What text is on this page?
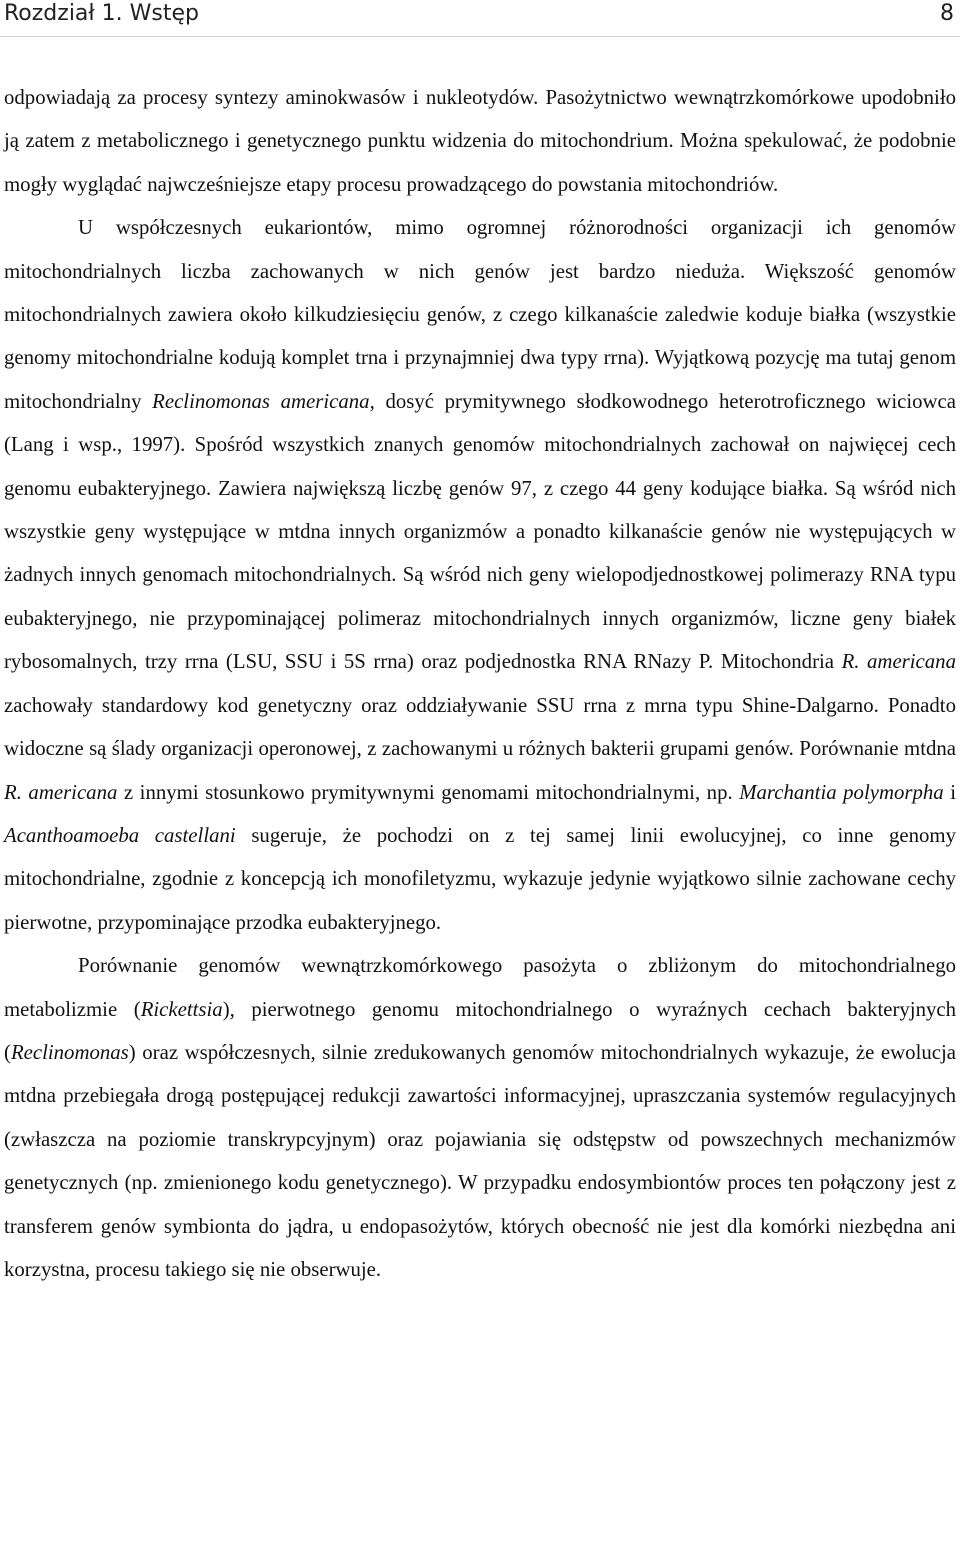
Rozdział 1. Wstęp	8

odpowiadają za procesy syntezy aminokwasów i nukleotydów. Pasożytnictwo wewnątrzkomórkowe upodobniło ją zatem z metabolicznego i genetycznego punktu widzenia do mitochondrium. Można spekulować, że podobnie mogły wyglądać najwcześniejsze etapy procesu prowadzącego do powstania mitochondriów.

U współczesnych eukariontów, mimo ogromnej różnorodności organizacji ich genomów mitochondrialnych liczba zachowanych w nich genów jest bardzo nieduża. Większość genomów mitochondrialnych zawiera około kilkudziesięciu genów, z czego kilkanaście zaledwie koduje białka (wszystkie genomy mitochondrialne kodują komplet trna i przynajmniej dwa typy rrna). Wyjątkową pozycję ma tutaj genom mitochondrialny Reclinomonas americana, dosyć prymitywnego słodkowodnego heterotroficznego wiciowca (Lang i wsp., 1997). Spośród wszystkich znanych genomów mitochondrialnych zachował on najwięcej cech genomu eubakteryjnego. Zawiera największą liczbę genów 97, z czego 44 geny kodujące białka. Są wśród nich wszystkie geny występujące w mtdna innych organizmów a ponadto kilkanaście genów nie występujących w żadnych innych genomach mitochondrialnych. Są wśród nich geny wielopodjednostkowej polimerazy RNA typu eubakteryjnego, nie przypominającej polimeraz mitochondrialnych innych organizmów, liczne geny białek rybosomalnych, trzy rrna (LSU, SSU i 5S rrna) oraz podjednostka RNA RNazy P. Mitochondria R. americana zachowały standardowy kod genetyczny oraz oddziaływanie SSU rrna z mrna typu Shine-Dalgarno. Ponadto widoczne są ślady organizacji operonowej, z zachowanymi u różnych bakterii grupami genów. Porównanie mtdna R. americana z innymi stosunkowo prymitywnymi genomami mitochondrialnymi, np. Marchantia polymorpha i Acanthoamoeba castellani sugeruje, że pochodzi on z tej samej linii ewolucyjnej, co inne genomy mitochondrialne, zgodnie z koncepcją ich monofiletyzmu, wykazuje jedynie wyjątkowo silnie zachowane cechy pierwotne, przypominające przodka eubakteryjnego.

Porównanie genomów wewnątrzkomórkowego pasożyta o zbliżonym do mitochondrialnego metabolizmie (Rickettsia), pierwotnego genomu mitochondrialnego o wyraźnych cechach bakteryjnych (Reclinomonas) oraz współczesnych, silnie zredukowanych genomów mitochondrialnych wykazuje, że ewolucja mtdna przebiegała drogą postępującej redukcji zawartości informacyjnej, upraszczania systemów regulacyjnych (zwłaszcza na poziomie transkrypcyjnym) oraz pojawiania się odstępstw od powszechnych mechanizmów genetycznych (np. zmienionego kodu genetycznego). W przypadku endosymbiontów proces ten połączony jest z transferem genów symbionta do jądra, u endopasożytów, których obecność nie jest dla komórki niezbędna ani korzystna, procesu takiego się nie obserwuje.
